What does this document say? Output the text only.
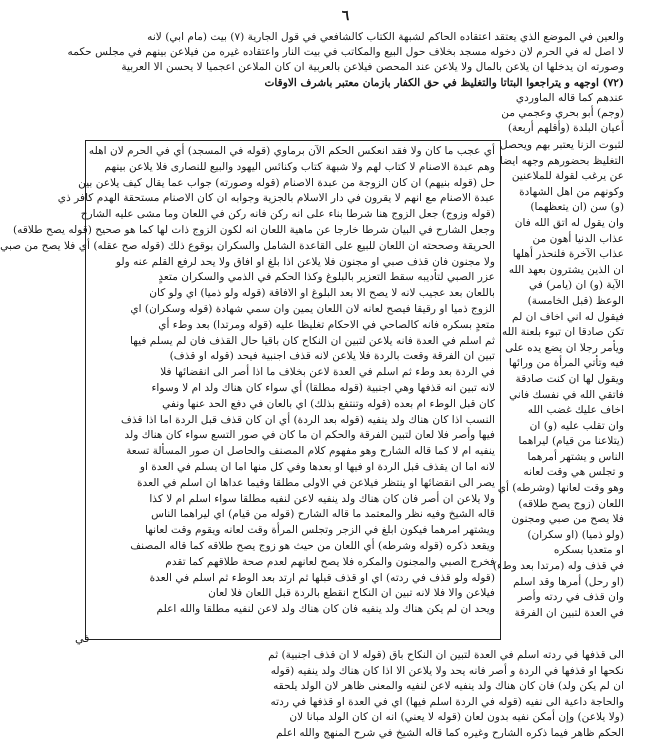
٦
والعين في الموضع الذي يعتقد اعتقاده الحاكم لشبهة الكتاب كالشافعي في قول الجارية (٧) بيت (مام ابي) لانه
لا اصل له في الحرم لان دخوله مسجد بخلاف حول البيع والمكاتب في بيت النار واعتقاده غيره من فيلاعن بينهم في مجلس حكمه
وصورته ان يدخلها ان يلاعن بالمال ولا يلاعن عند المحصن فيلاعن بالعربية ان كان الملاعن اعجميا لا يحسن الا العربية
(٧٢) اوجهه و يتراجعوا البتاتا والتغليظ في حق الكفار بازمان معتبر باشرف الاوقات
عندهم كما قاله الماوردي
(وجم) أبو بحري وعجمي من
أعيان البلدة (وأقلهم أربعة)
لثبوت الزنا يعتبر بهم ويحصل
التغليظ بحضورهم وجهه ايضا
عن يرغب لقولة للملاعنين
وكونهم من اهل الشهادة
(و) سن (ان يتعظهما)
وان يقول له اتق الله فان
عذاب الدنيا أهون من
عذاب الآخرة فلنحذر أهلها
ان الذين يشترون بعهد الله
الآية (و) ان (يامر) في
الوعظ (قبل الخامسة)
فيقول له اني اخاف ان لم
تكن صادقا ان تبوء بلعنة الله
ويأمر رجلا ان يضع يده على
فيه وتأتي المرأة من ورائها
ويقول لها ان كنت صادقة
فاتقي الله في نفسك فاني
اخاف عليك غضب الله
وان تقلب عليه (و) ان
(يتلاعنا من قيام) ليراهما
الناس و يشتهر أمرهما
و تجلس هي وقت لعانه
وهو وقت لعانها (وشرطه) أي
اللعان (زوج يصح طلاقه)
فلا يصح من صبي ومجنون
(ولو ذميا) (او سكران)
او متعديا بسكره
في قذف وله (مرتدا بعد وطء)
(او رحل) أمرها وقد اسلم
وان قذف في ردته وأصر
في العدة لتبين ان الفرقة
أي عجب ما كان ولا فقد انعكس الحكم الآن برماوي (قوله في المسجد) أي في الحرم لان اهله
وهم عبدة الاصنام لا كتاب لهم ولا شبهة كتاب وكنائس اليهود والبيع للنصارى فلا يلاعن بينهم
حل (قوله بنيهم) ان كان الزوجة من عبدة الاصنام (قوله وصورته) جواب عما يقال كيف يلاعن بين
عبدة الاصنام مع انهم لا يقرون في دار الاسلام بالجزية وجوابه ان كان الاصنام مستحقة الهدم كافر ذي
(قوله وزوج) جعل الزوج هنا شرطا بناء على انه ركن فانه ركن في اللعان وما مشى عليه الشارح
وجعل الشارح في البيان شرطا خارجا عن ماهية اللعان انه لكون الزوج ذات لها كما هو صحيح (قوله يصح طلاقه)
الحريقة وصححته ان اللعان للبيع على القاعدة الشامل والسكران بوقوع ذلك (قوله صح عقله) أي فلا يصح من صبي
ولا مجنون فان قذف صبي او مجنون فلا يلاعن اذا بلغ او افاق ولا يحد لرفع القلم عنه ولو
عزر الصبي لتأديبه سقط التعزير بالبلوغ وكذا الحكم في الذمي والسكران متعدٍ
باللعان بعد عجيب لانه لا يصح الا بعد البلوغ او الافاقة (قوله ولو ذميا) اي ولو كان
الزوج ذميا او رقيقا فيصح لعانه لان اللعان يمين وان سمي شهادة (قوله وسكران) اي
متعدٍ بسكره فانه كالصاحي في الاحكام تغليظا عليه (قوله ومرتدا) بعد وطء أي
ثم اسلم في العدة فانه يلاعن لتبين ان النكاح كان باقيا حال القذف فان لم يسلم فيها
تبين ان الفرقة وقعت بالردة فلا يلاعن لانه قذف اجنبية فيحد (قوله او قذف)
في الردة بعد وطء ثم اسلم في العدة لاعن بخلاف ما اذا أصر الى انقضائها فلا
لانه تبين انه قذفها وهي اجنبية (قوله مطلقا) أي سواء كان هناك ولد ام لا وسواء
كان قبل الوطء ام بعده (قوله وتنتفع بذلك) اي بالعان في دفع الحد عنها ونفي
النسب اذا كان هناك ولد ينفيه (قوله بعد الردة) أي ان كان قذف قبل الردة اما اذا قذف
فيها وأصر فلا لعان لتبين الفرقة والحكم ان ما كان في صور التسع سواء كان هناك ولد
ينفيه ام لا كما قاله الشارح وهو مفهوم كلام المصنف والحاصل ان صور المسألة تسعة
لانه اما ان يقذف قبل الردة او فيها او بعدها وفي كل منها اما ان يسلم في العدة او
يصر الى انقضائها او ينتظر فيلاعن في الاولى مطلقا وفيما عداها ان اسلم في العدة
ولا يلاعن ان أصر فان كان هناك ولد ينفيه لاعن لنفيه مطلقا سواء اسلم ام لا كذا
قاله الشيخ وفيه نظر والمعتمد ما قاله الشارح (قوله من قيام) اي ليراهما الناس
ويشتهر امرهما فيكون ابلغ في الزجر وتجلس المرأة وقت لعانه ويقوم وقت لعانها
ويقعد ذكره (قوله وشرطه) أي اللعان من حيث هو زوج يصح طلاقه كما قاله المصنف
فخرج الصبي والمجنون والمكره فلا يصح لعانهم لعدم صحة طلاقهم كما تقدم
(قوله ولو قذف في ردته) اي او قذف قبلها ثم ارتد بعد الوطء ثم اسلم في العدة
فيلاعن والا فلا لانه تبين ان النكاح انقطع بالردة قبل اللعان فلا لعان
ويحد ان لم يكن هناك ولد ينفيه فان كان هناك ولد لاعن لنفيه مطلقا والله اعلم
في
الى قذفها في ردته اسلم في العدة لتبين ان النكاح باق (قوله لا ان قذف اجنبية) ثم
نكحها او قذفها في الردة و أصر فانه يحد ولا يلاعن الا اذا كان هناك ولد ينفيه (قوله
ان لم يكن ولد) فان كان هناك ولد ينفيه لاعن لنفيه والمعنى ظاهر لان الولد يلحقه
والحاجة داعية الى نفيه (قوله في الردة اسلم فيها) اي في العدة او قذفها في ردته
(ولا يلاعن) وإن أمكن نفيه بدون لعان (قوله لا يعني) انه ان كان الولد مبانا لان
الحكم ظاهر فيما ذكره الشارح وغيره كما قاله الشيخ في شرح المنهج والله اعلم
